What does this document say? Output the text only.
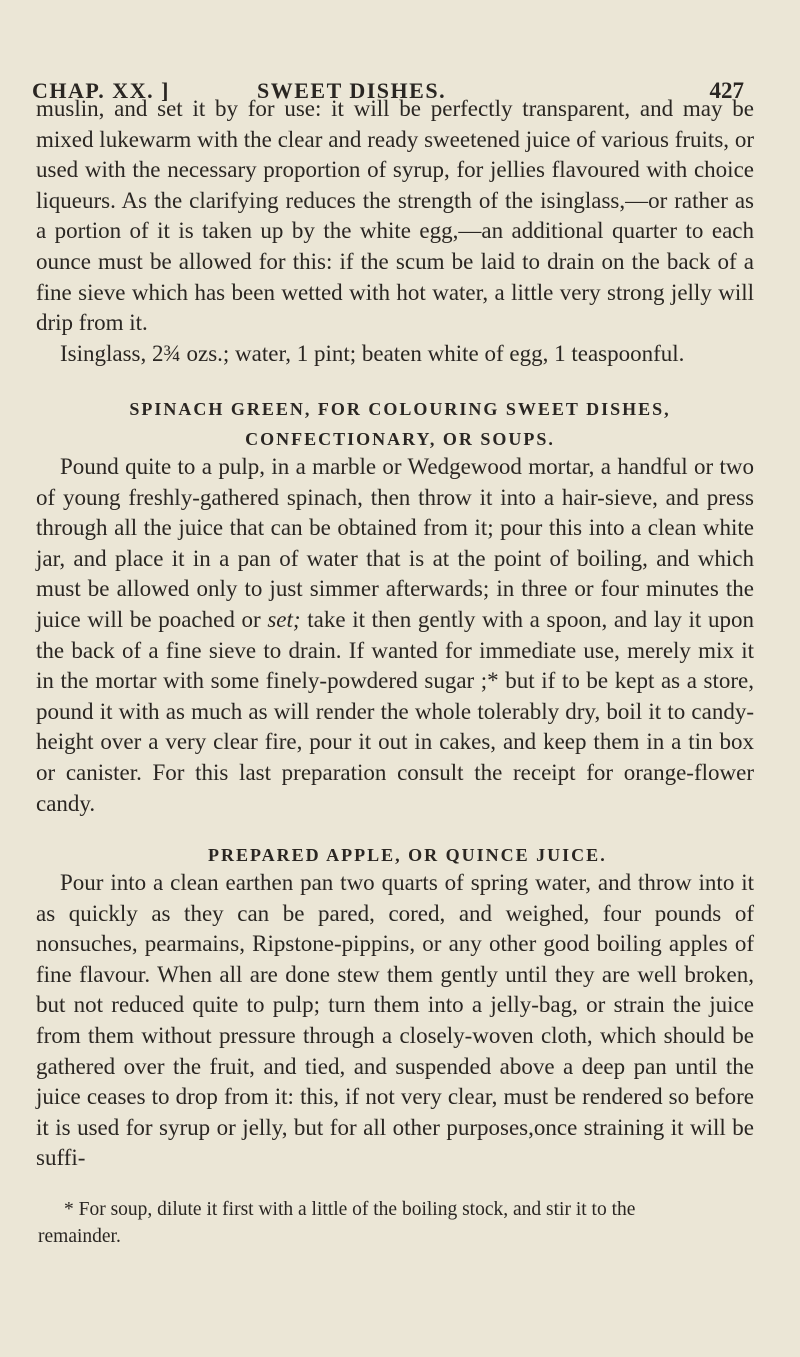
CHAP. XX. ]	SWEET DISHES.	427

muslin, and set it by for use: it will be perfectly transparent, and may be mixed lukewarm with the clear and ready sweetened juice of various fruits, or used with the necessary proportion of syrup, for jellies flavoured with choice liqueurs. As the clarifying reduces the strength of the isinglass,—or rather as a portion of it is taken up by the white egg,—an additional quarter to each ounce must be allowed for this: if the scum be laid to drain on the back of a fine sieve which has been wetted with hot water, a little very strong jelly will drip from it.

Isinglass, 2¾ ozs.; water, 1 pint; beaten white of egg, 1 teaspoonful.

SPINACH GREEN, FOR COLOURING SWEET DISHES, CONFECTIONARY, OR SOUPS.

Pound quite to a pulp, in a marble or Wedgewood mortar, a handful or two of young freshly-gathered spinach, then throw it into a hair-sieve, and press through all the juice that can be obtained from it; pour this into a clean white jar, and place it in a pan of water that is at the point of boiling, and which must be allowed only to just simmer afterwards; in three or four minutes the juice will be poached or set; take it then gently with a spoon, and lay it upon the back of a fine sieve to drain. If wanted for immediate use, merely mix it in the mortar with some finely-powdered sugar ;* but if to be kept as a store, pound it with as much as will render the whole tolerably dry, boil it to candy-height over a very clear fire, pour it out in cakes, and keep them in a tin box or canister. For this last preparation consult the receipt for orange-flower candy.

PREPARED APPLE, OR QUINCE JUICE.

Pour into a clean earthen pan two quarts of spring water, and throw into it as quickly as they can be pared, cored, and weighed, four pounds of nonsuches, pearmains, Ripstone-pippins, or any other good boiling apples of fine flavour. When all are done stew them gently until they are well broken, but not reduced quite to pulp; turn them into a jelly-bag, or strain the juice from them without pressure through a closely-woven cloth, which should be gathered over the fruit, and tied, and suspended above a deep pan until the juice ceases to drop from it: this, if not very clear, must be rendered so before it is used for syrup or jelly, but for all other purposes,once straining it will be suffi-

* For soup, dilute it first with a little of the boiling stock, and stir it to the
remainder.
